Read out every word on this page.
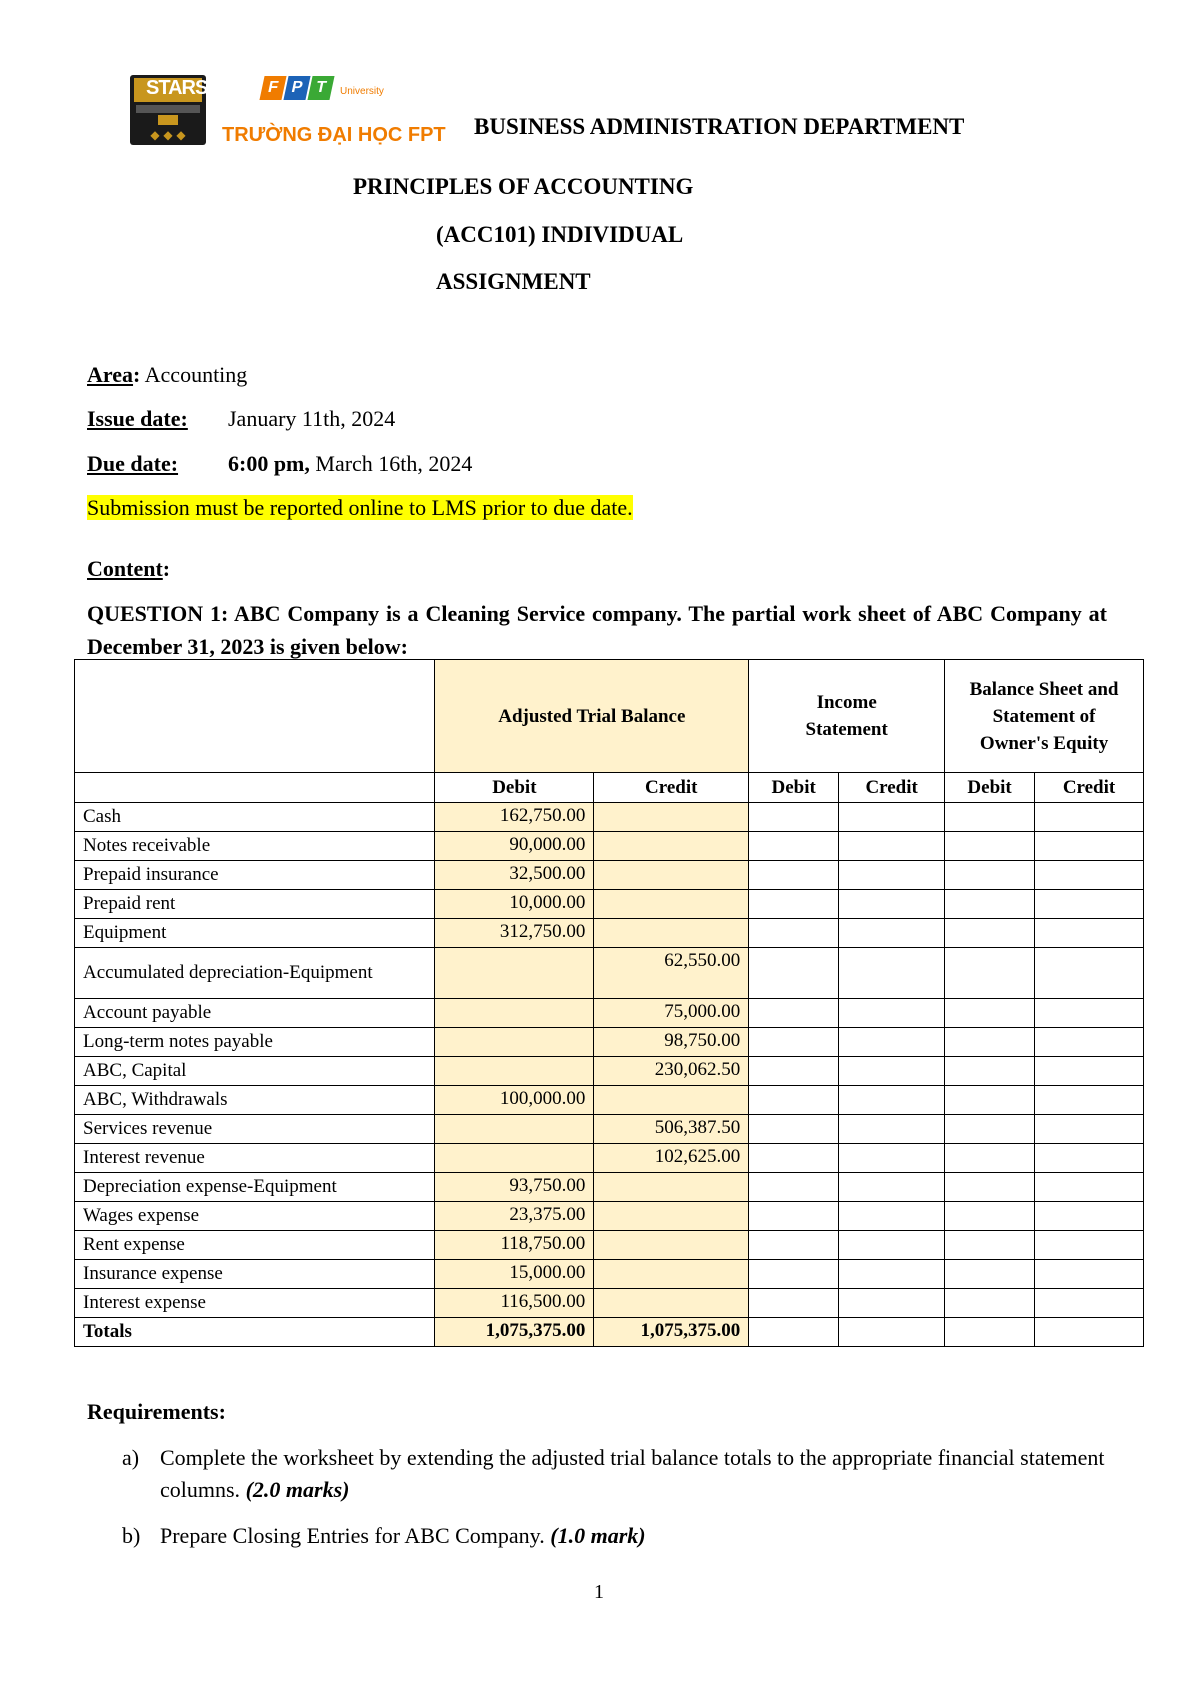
STARS
◆ ◆ ◆
F P T University
TRƯỜNG ĐẠI HỌC FPT BUSINESS ADMINISTRATION DEPARTMENT
PRINCIPLES OF ACCOUNTING
(ACC101) INDIVIDUAL
ASSIGNMENT
Area: Accounting
Issue date: January 11th, 2024
Due date: 6:00 pm, March 16th, 2024
Submission must be reported online to LMS prior to due date.
Content:
QUESTION 1: ABC Company is a Cleaning Service company. The partial work sheet of ABC Company at December 31, 2023 is given below:
	Adjusted Trial Balance		Income Statement		Balance Sheet and Statement of Owner's Equity	
	Debit	Credit	Debit	Credit	Debit	Credit
Cash	162,750.00					
Notes receivable	90,000.00					
Prepaid insurance	32,500.00					
Prepaid rent	10,000.00					
Equipment	312,750.00					
Accumulated depreciation-Equipment		62,550.00				
Account payable		75,000.00				
Long-term notes payable		98,750.00				
ABC, Capital		230,062.50				
ABC, Withdrawals	100,000.00					
Services revenue		506,387.50				
Interest revenue		102,625.00				
Depreciation expense-Equipment	93,750.00					
Wages expense	23,375.00					
Rent expense	118,750.00					
Insurance expense	15,000.00					
Interest expense	116,500.00					
Totals	1,075,375.00	1,075,375.00				
Requirements:
a) Complete the worksheet by extending the adjusted trial balance totals to the appropriate financial statement columns. (2.0 marks)
b) Prepare Closing Entries for ABC Company. (1.0 mark)
1
